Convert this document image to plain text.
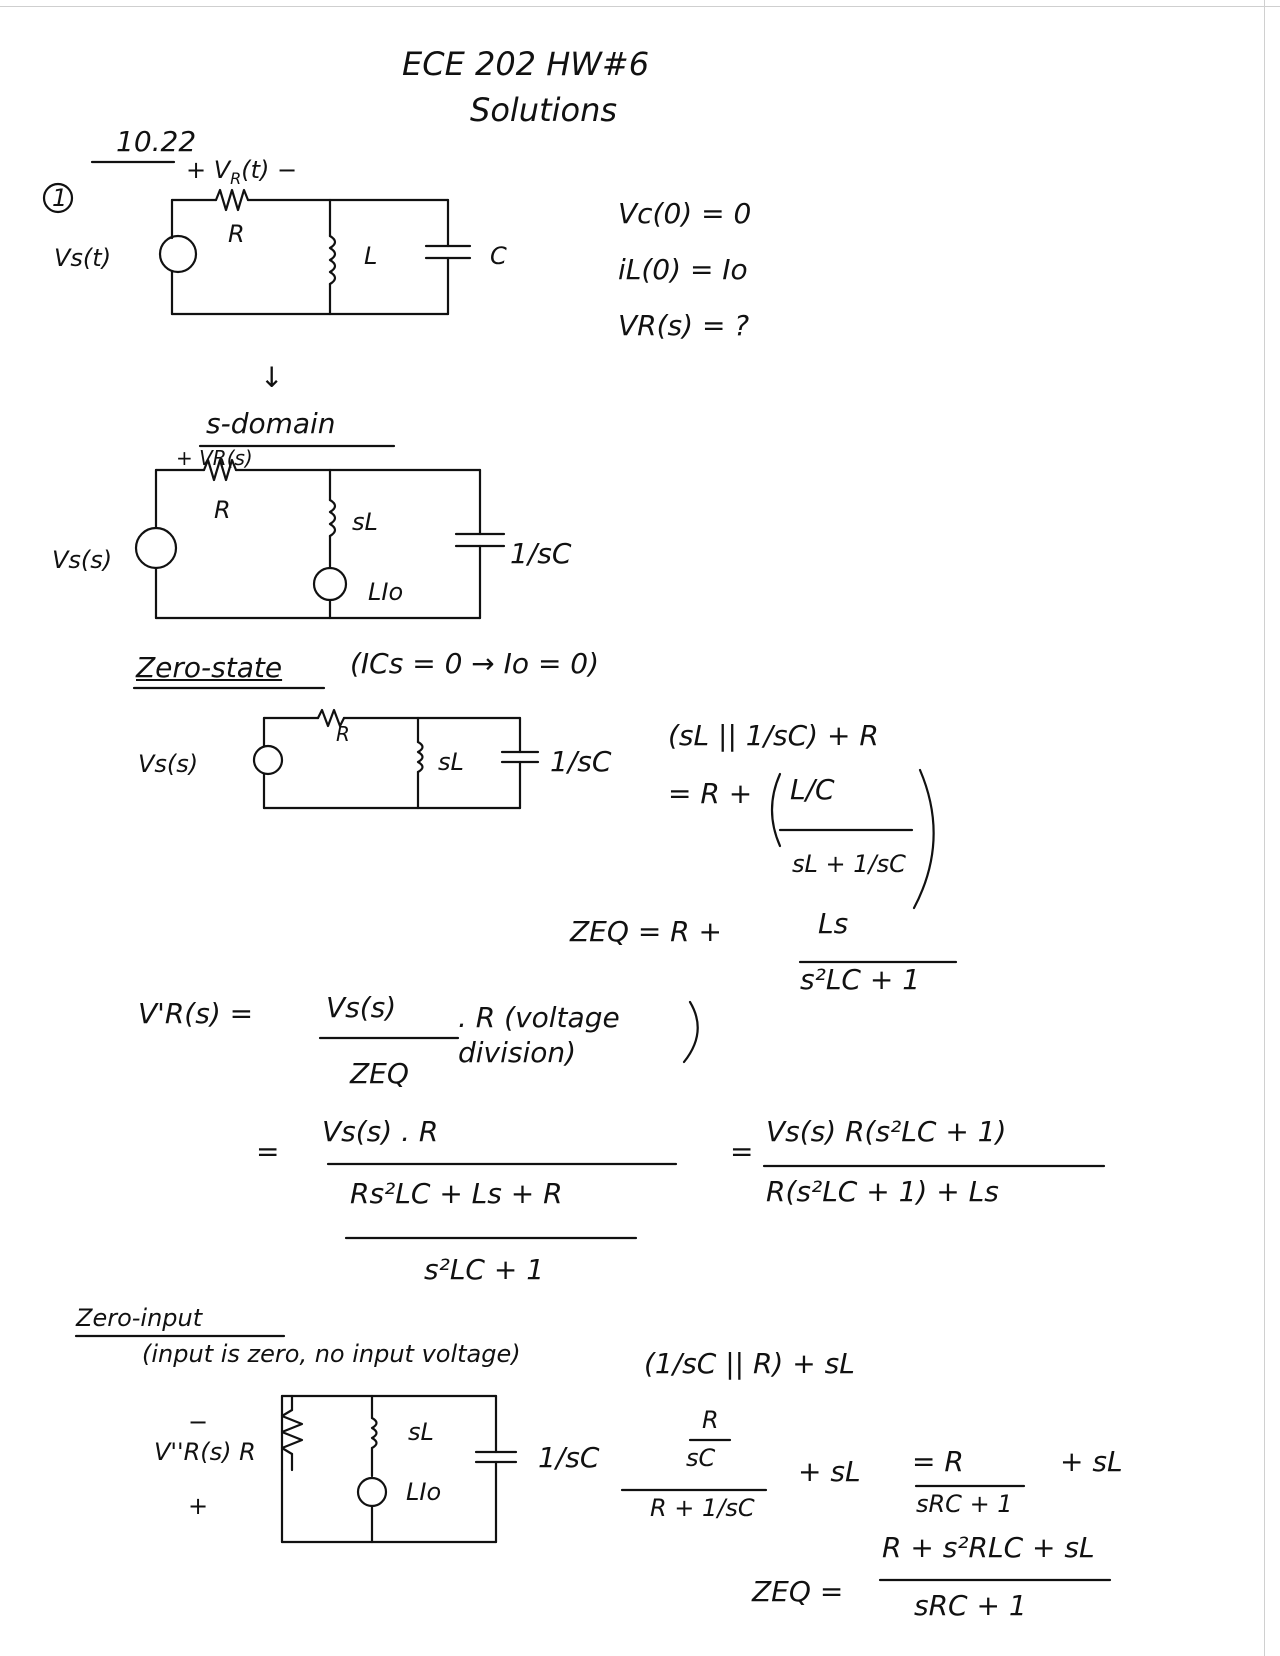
ECE 202 HW#6
Solutions
10.22
1
+ $V_R(t)$ −
Vs(t)
R
L	C
Vc(0) = 0
iL(0) = Io
VR(s) = ?
↓
s-domain
+ VR(s)
Vs(s)
R	sL
LIo
1/sC
Zero-state (ICs = 0 → Io = 0)
Vs(s)
R
sL	1/sC
(sL || 1/sC) + R
= R + L/C
sL + 1/sC
ZEQ = R +	Ls
s²LC + 1
V'R(s) =	Vs(s)
ZEQ
. R (voltage division)
=
Vs(s) . R
Rs²LC + Ls + R
s²LC + 1
=
Vs(s) R(s²LC + 1)
R(s²LC + 1) + Ls
Zero-input
(input is zero, no input voltage)	(1/sC || R) + sL
−
V''R(s) R
+
sL
LIo
1/sC
R
sC
R + 1/sC
+ sL = R
sRC + 1
+ sL
ZEQ =
R + s²RLC + sL
sRC + 1
